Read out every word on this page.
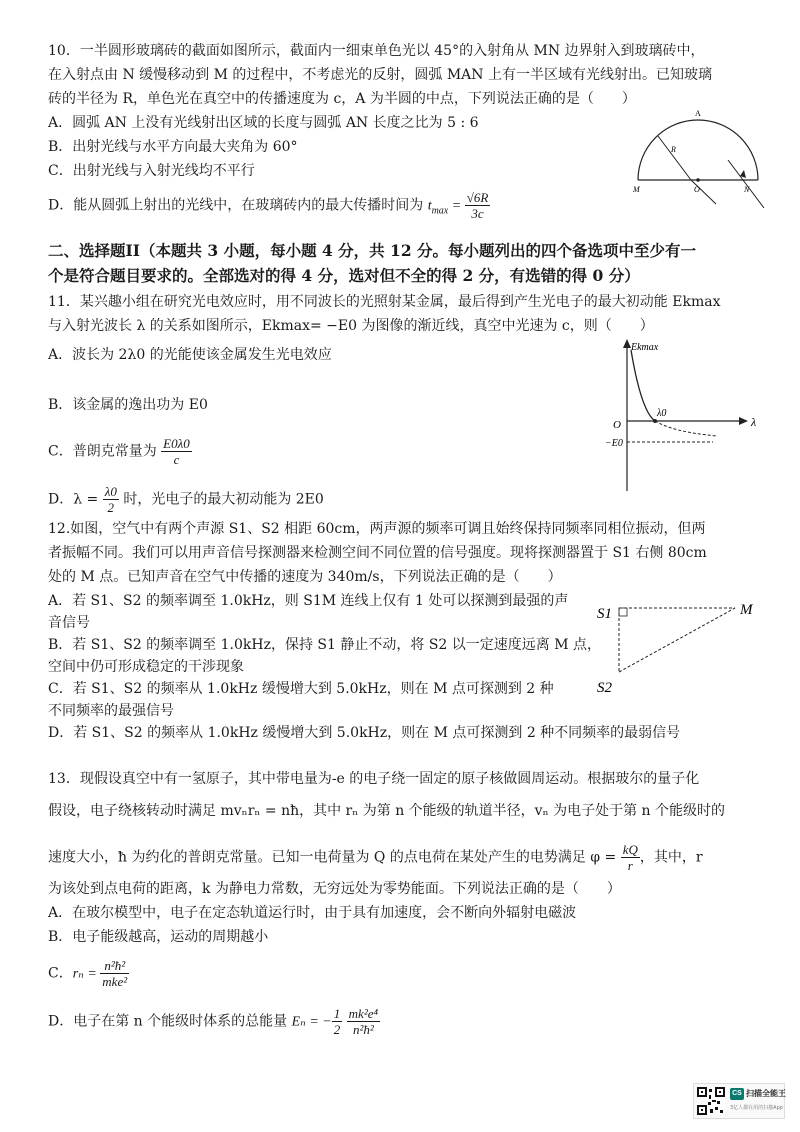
10．一半圆形玻璃砖的截面如图所示，截面内一细束单色光以 45°的入射角从 MN 边界射入到玻璃砖中，
在入射点由 N 缓慢移动到 M 的过程中，不考虑光的反射，圆弧 MAN 上有一半区域有光线射出。已知玻璃
砖的半径为 R，单色光在真空中的传播速度为 c，A 为半圆的中点，下列说法正确的是（　　）
A．圆弧 AN 上没有光线射出区域的长度与圆弧 AN 长度之比为 5 : 6
B．出射光线与水平方向最大夹角为 60°
C．出射光线与入射光线均不平行
D．能从圆弧上射出的光线中，在玻璃砖内的最大传播时间为 $t_{max} = \frac{√6R}{3c}$
A
R
M	O	N
二、选择题II（本题共 3 小题，每小题 4 分，共 12 分。每小题列出的四个备选项中至少有一
个是符合题目要求的。全部选对的得 4 分，选对但不全的得 2 分，有选错的得 0 分）
11．某兴趣小组在研究光电效应时，用不同波长的光照射某金属，最后得到产生光电子的最大初动能 Ekmax
与入射光波长 λ 的关系如图所示，Ekmax= −E0 为图像的渐近线，真空中光速为 c，则（　　）
A．波长为 2λ0 的光能使该金属发生光电效应
B．该金属的逸出功为 E0
C．普朗克常量为 $\frac{E0\lambda 0}{c}$
D．$\lambda = \frac{\lambda 0}{2}$ 时，光电子的最大初动能为 2E0
Ekmax
O
λ0
λ
−E0
12.如图，空气中有两个声源 S1、S2 相距 60cm，两声源的频率可调且始终保持同频率同相位振动，但两
者振幅不同。我们可以用声音信号探测器来检测空间不同位置的信号强度。现将探测器置于 S1 右侧 80cm
处的 M 点。已知声音在空气中传播的速度为 340m/s，下列说法正确的是（　　）
A．若 S1、S2 的频率调至 1.0kHz，则 S1M 连线上仅有 1 处可以探测到最强的声
音信号
B．若 S1、S2 的频率调至 1.0kHz，保持 S1 静止不动，将 S2 以一定速度远离 M 点，
空间中仍可形成稳定的干涉现象
C．若 S1、S2 的频率从 1.0kHz 缓慢增大到 5.0kHz，则在 M 点可探测到 2 种
不同频率的最强信号
D．若 S1、S2 的频率从 1.0kHz 缓慢增大到 5.0kHz，则在 M 点可探测到 2 种不同频率的最弱信号
S1
S2
M
13．现假设真空中有一氢原子，其中带电量为-e 的电子绕一固定的原子核做圆周运动。根据玻尔的量子化
假设，电子绕核转动时满足 mvₙrₙ = nħ，其中 rₙ 为第 n 个能级的轨道半径，vₙ 为电子处于第 n 个能级时的
速度大小，ħ 为约化的普朗克常量。已知一电荷量为 Q 的点电荷在某处产生的电势满足 $\varphi = \frac{kQ}{r}$ ，其中，r
为该处到点电荷的距离，k 为静电力常数，无穷远处为零势能面。下列说法正确的是（　　）
A．在玻尔模型中，电子在定态轨道运行时，由于具有加速度，会不断向外辐射电磁波
B．电子能级越高，运动的周期越小
C．$r_n = \frac{\text{n²ħ²}}{\text{mke²}}$
D．电子在第 n 个能级时体系的总能量 Eₙ = − $\frac{1}{2}$
$\frac{\text{mk²e⁴}}{\text{n²ħ²}}$
CS 扫描全能王
3亿人都在用的扫描App
